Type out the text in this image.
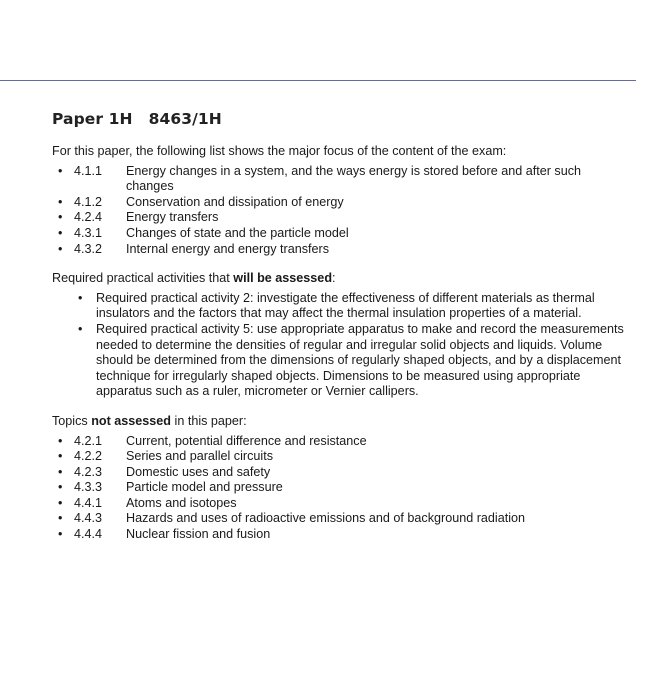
Paper 1H 8463/1H

For this paper, the following list shows the major focus of the content of the exam:

• 4.1.1	Energy changes in a system, and the ways energy is stored before and after such changes
• 4.1.2	Conservation and dissipation of energy
• 4.2.4	Energy transfers
• 4.3.1	Changes of state and the particle model
• 4.3.2	Internal energy and energy transfers

Required practical activities that will be assessed:

• Required practical activity 2: investigate the effectiveness of different materials as thermal insulators and the factors that may affect the thermal insulation properties of a material.
• Required practical activity 5: use appropriate apparatus to make and record the measurements needed to determine the densities of regular and irregular solid objects and liquids. Volume should be determined from the dimensions of regularly shaped objects, and by a displacement technique for irregularly shaped objects. Dimensions to be measured using appropriate apparatus such as a ruler, micrometer or Vernier callipers.

Topics not assessed in this paper:

• 4.2.1	Current, potential difference and resistance
• 4.2.2	Series and parallel circuits
• 4.2.3	Domestic uses and safety
• 4.3.3	Particle model and pressure
• 4.4.1	Atoms and isotopes
• 4.4.3	Hazards and uses of radioactive emissions and of background radiation
• 4.4.4	Nuclear fission and fusion
